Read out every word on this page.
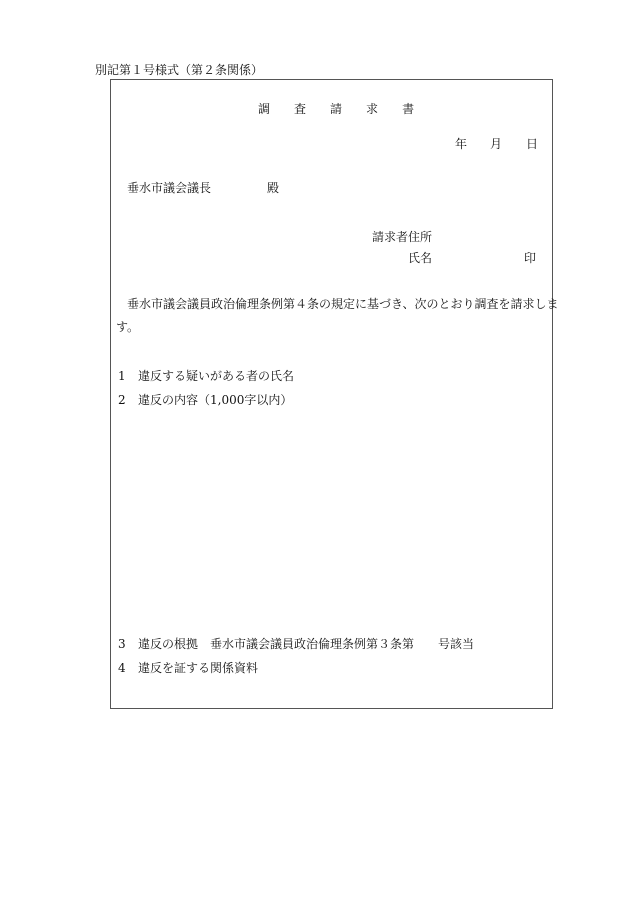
別記第１号様式（第２条関係）
調 査 請 求 書
年 月 日
垂水市議会議長	殿
請求者住所
氏名	印
垂水市議会議員政治倫理条例第４条の規定に基づき、次のとおり調査を請求しま
す。
1 違反する疑いがある者の氏名
2 違反の内容（1,000字以内）
3 違反の根拠　垂水市議会議員政治倫理条例第３条第　　号該当
4 違反を証する関係資料
